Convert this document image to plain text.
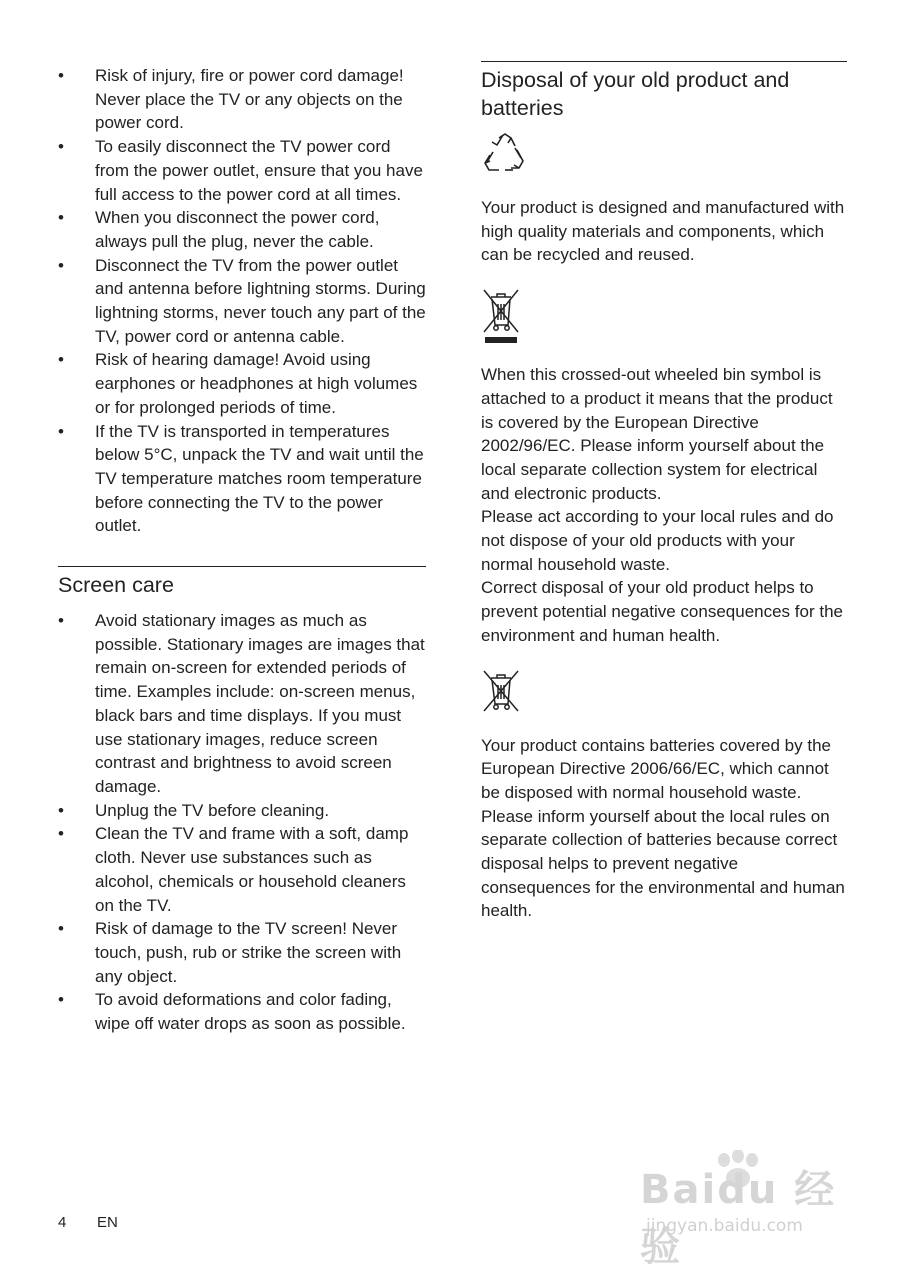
•	Risk of injury, fire or power cord damage! Never place the TV or any objects on the power cord.
•	To easily disconnect the TV power cord from the power outlet, ensure that you have full access to the power cord at all times.
•	When you disconnect the power cord, always pull the plug, never the cable.
•	Disconnect the TV from the power outlet and antenna before lightning storms. During lightning storms, never touch any part of the TV, power cord or antenna cable.
•	Risk of hearing damage! Avoid using earphones or headphones at high volumes or for prolonged periods of time.
•	If the TV is transported in temperatures below 5°C, unpack the TV and wait until the TV temperature matches room temperature before connecting the TV to the power outlet.
Screen care
•	Avoid stationary images as much as possible. Stationary images are images that remain on-screen for extended periods of time. Examples include: on-screen menus, black bars and time displays. If you must use stationary images, reduce screen contrast and brightness to avoid screen damage.
•	Unplug the TV before cleaning.
•	Clean the TV and frame with a soft, damp cloth. Never use substances such as alcohol, chemicals or household cleaners on the TV.
•	Risk of damage to the TV screen! Never touch, push, rub or strike the screen with any object.
•	To avoid deformations and color fading, wipe off water drops as soon as possible.
Disposal of your old product and batteries

Your product is designed and manufactured with high quality materials and components, which can be recycled and reused.

When this crossed-out wheeled bin symbol is attached to a product it means that the product is covered by the European Directive 2002/96/EC. Please inform yourself about the local separate collection system for electrical and electronic products.

Please act according to your local rules and do not dispose of your old products with your normal household waste.

Correct disposal of your old product helps to prevent potential negative consequences for the environment and human health.

Your product contains batteries covered by the European Directive 2006/66/EC, which cannot be disposed with normal household waste.

Please inform yourself about the local rules on separate collection of batteries because correct disposal helps to prevent negative consequences for the environmental and human health.

4 EN
Baidu 经验
jingyan.baidu.com
